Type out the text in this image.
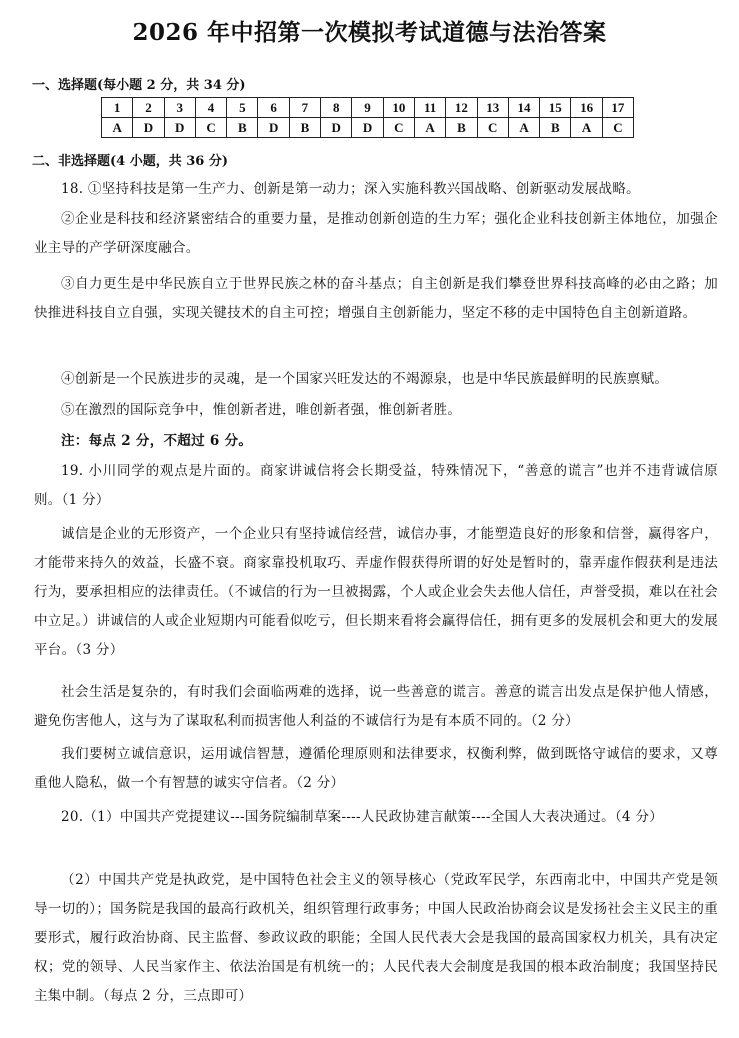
2026 年中招第一次模拟考试道德与法治答案
一、选择题(每小题 2 分，共 34 分)
1	2	3	4	5	6	7	8	9	10	11	12	13	14	15	16	17
A	D	D	C	B	D	B	D	D	C	A	B	C	A	B	A	C
二、非选择题(4 小题，共 36 分)
18. ①坚持科技是第一生产力、创新是第一动力；深入实施科教兴国战略、创新驱动发展战略。
②企业是科技和经济紧密结合的重要力量，是推动创新创造的生力军；强化企业科技创新主体地位，加强企业主导的产学研深度融合。
③自力更生是中华民族自立于世界民族之林的奋斗基点；自主创新是我们攀登世界科技高峰的必由之路；加快推进科技自立自强，实现关键技术的自主可控；增强自主创新能力，坚定不移的走中国特色自主创新道路。
④创新是一个民族进步的灵魂，是一个国家兴旺发达的不竭源泉，也是中华民族最鲜明的民族禀赋。
⑤在激烈的国际竞争中，惟创新者进，唯创新者强，惟创新者胜。
注：每点 2 分，不超过 6 分。
19. 小川同学的观点是片面的。商家讲诚信将会长期受益，特殊情况下，“善意的谎言”也并不违背诚信原则。（1 分）
诚信是企业的无形资产，一个企业只有坚持诚信经营，诚信办事，才能塑造良好的形象和信誉，赢得客户，才能带来持久的效益，长盛不衰。商家靠投机取巧、弄虚作假获得所谓的好处是暂时的，靠弄虚作假获利是违法行为，要承担相应的法律责任。（不诚信的行为一旦被揭露，个人或企业会失去他人信任，声誉受损，难以在社会中立足。）讲诚信的人或企业短期内可能看似吃亏，但长期来看将会赢得信任，拥有更多的发展机会和更大的发展平台。（3 分）
社会生活是复杂的，有时我们会面临两难的选择，说一些善意的谎言。善意的谎言出发点是保护他人情感，避免伤害他人，这与为了谋取私利而损害他人利益的不诚信行为是有本质不同的。（2 分）
我们要树立诚信意识，运用诚信智慧，遵循伦理原则和法律要求，权衡利弊，做到既恪守诚信的要求，又尊重他人隐私，做一个有智慧的诚实守信者。（2 分）
20.（1）中国共产党提建议---国务院编制草案----人民政协建言献策----全国人大表决通过。（4 分）
（2）中国共产党是执政党，是中国特色社会主义的领导核心（党政军民学，东西南北中，中国共产党是领导一切的）；国务院是我国的最高行政机关，组织管理行政事务；中国人民政治协商会议是发扬社会主义民主的重要形式，履行政治协商、民主监督、参政议政的职能；全国人民代表大会是我国的最高国家权力机关，具有决定权；党的领导、人民当家作主、依法治国是有机统一的；人民代表大会制度是我国的根本政治制度；我国坚持民主集中制。（每点 2 分，三点即可）
